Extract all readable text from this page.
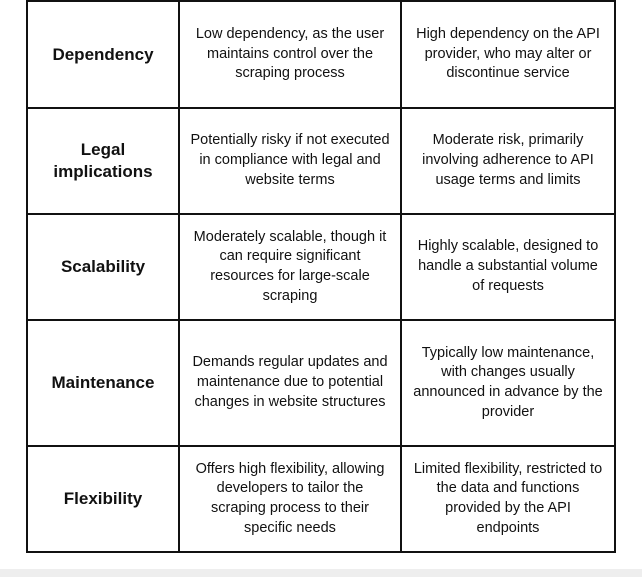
Dependency	Low dependency, as the user maintains control over the scraping process	High dependency on the API provider, who may alter or discontinue service
Legal implications	Potentially risky if not executed in compliance with legal and website terms	Moderate risk, primarily involving adherence to API usage terms and limits
Scalability	Moderately scalable, though it can require significant resources for large-scale scraping	Highly scalable, designed to handle a substantial volume of requests
Maintenance	Demands regular updates and maintenance due to potential changes in website structures	Typically low maintenance, with changes usually announced in advance by the provider
Flexibility	Offers high flexibility, allowing developers to tailor the scraping process to their specific needs	Limited flexibility, restricted to the data and functions provided by the API endpoints
